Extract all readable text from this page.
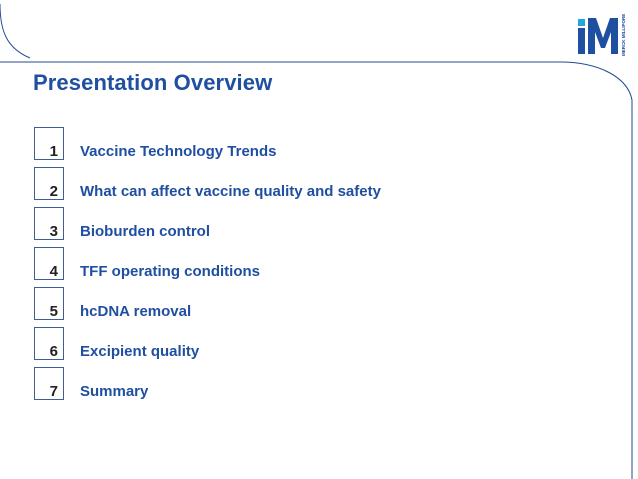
MERCK MILLIPORE
Presentation Overview
1	Vaccine Technology Trends
2	What can affect vaccine quality and safety
3	Bioburden control
4	TFF operating conditions
5	hcDNA removal
6	Excipient quality
7	Summary
